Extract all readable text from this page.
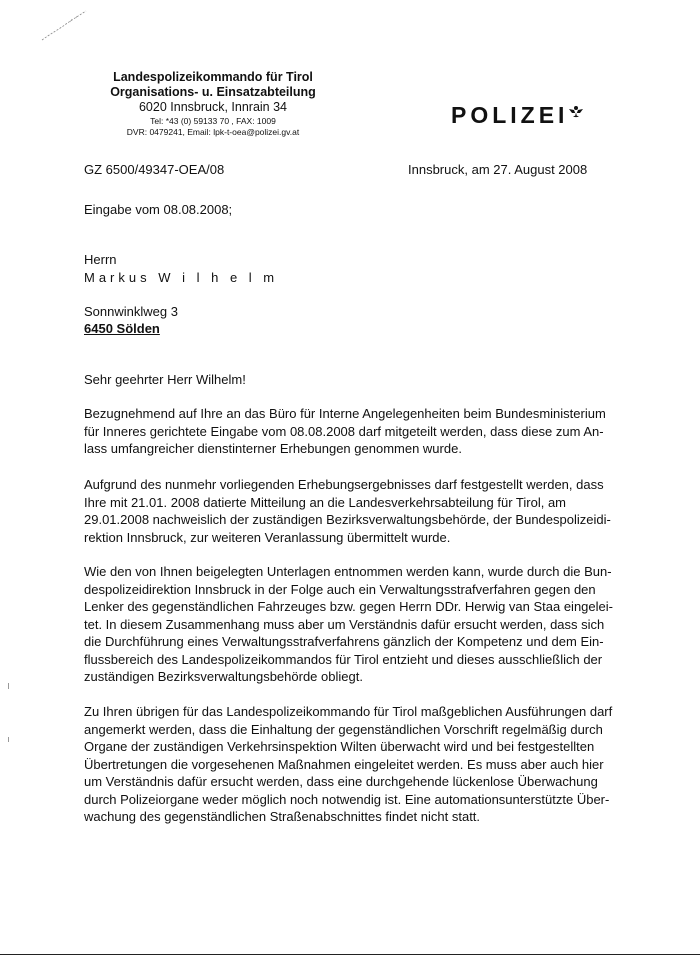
Landespolizeikommando für Tirol
Organisations- u. Einsatzabteilung
6020 Innsbruck, Innrain 34
Tel: *43 (0) 59133 70 , FAX: 1009
DVR: 0479241, Email: lpk-t-oea@polizei.gv.at
POLIZEI
GZ 6500/49347-OEA/08	Innsbruck, am 27. August 2008
Eingabe vom 08.08.2008;
Herrn
Markus W i l h e l m
Sonnwinklweg 3
6450 Sölden
Sehr geehrter Herr Wilhelm!
Bezugnehmend auf Ihre an das Büro für Interne Angelegenheiten beim Bundesministerium
für Inneres gerichtete Eingabe vom 08.08.2008 darf mitgeteilt werden, dass diese zum An-
lass umfangreicher dienstinterner Erhebungen genommen wurde.
Aufgrund des nunmehr vorliegenden Erhebungsergebnisses darf festgestellt werden, dass
Ihre mit 21.01. 2008 datierte Mitteilung an die Landesverkehrsabteilung für Tirol, am
29.01.2008 nachweislich der zuständigen Bezirksverwaltungsbehörde, der Bundespolizeidi-
rektion Innsbruck, zur weiteren Veranlassung übermittelt wurde.
Wie den von Ihnen beigelegten Unterlagen entnommen werden kann, wurde durch die Bun-
despolizeidirektion Innsbruck in der Folge auch ein Verwaltungsstrafverfahren gegen den
Lenker des gegenständlichen Fahrzeuges bzw. gegen Herrn DDr. Herwig van Staa eingelei-
tet. In diesem Zusammenhang muss aber um Verständnis dafür ersucht werden, dass sich
die Durchführung eines Verwaltungsstrafverfahrens gänzlich der Kompetenz und dem Ein-
flussbereich des Landespolizeikommandos für Tirol entzieht und dieses ausschließlich der
zuständigen Bezirksverwaltungsbehörde obliegt.
Zu Ihren übrigen für das Landespolizeikommando für Tirol maßgeblichen Ausführungen darf
angemerkt werden, dass die Einhaltung der gegenständlichen Vorschrift regelmäßig durch
Organe der zuständigen Verkehrsinspektion Wilten überwacht wird und bei festgestellten
Übertretungen die vorgesehenen Maßnahmen eingeleitet werden. Es muss aber auch hier
um Verständnis dafür ersucht werden, dass eine durchgehende lückenlose Überwachung
durch Polizeiorgane weder möglich noch notwendig ist. Eine automationsunterstützte Über-
wachung des gegenständlichen Straßenabschnittes findet nicht statt.
